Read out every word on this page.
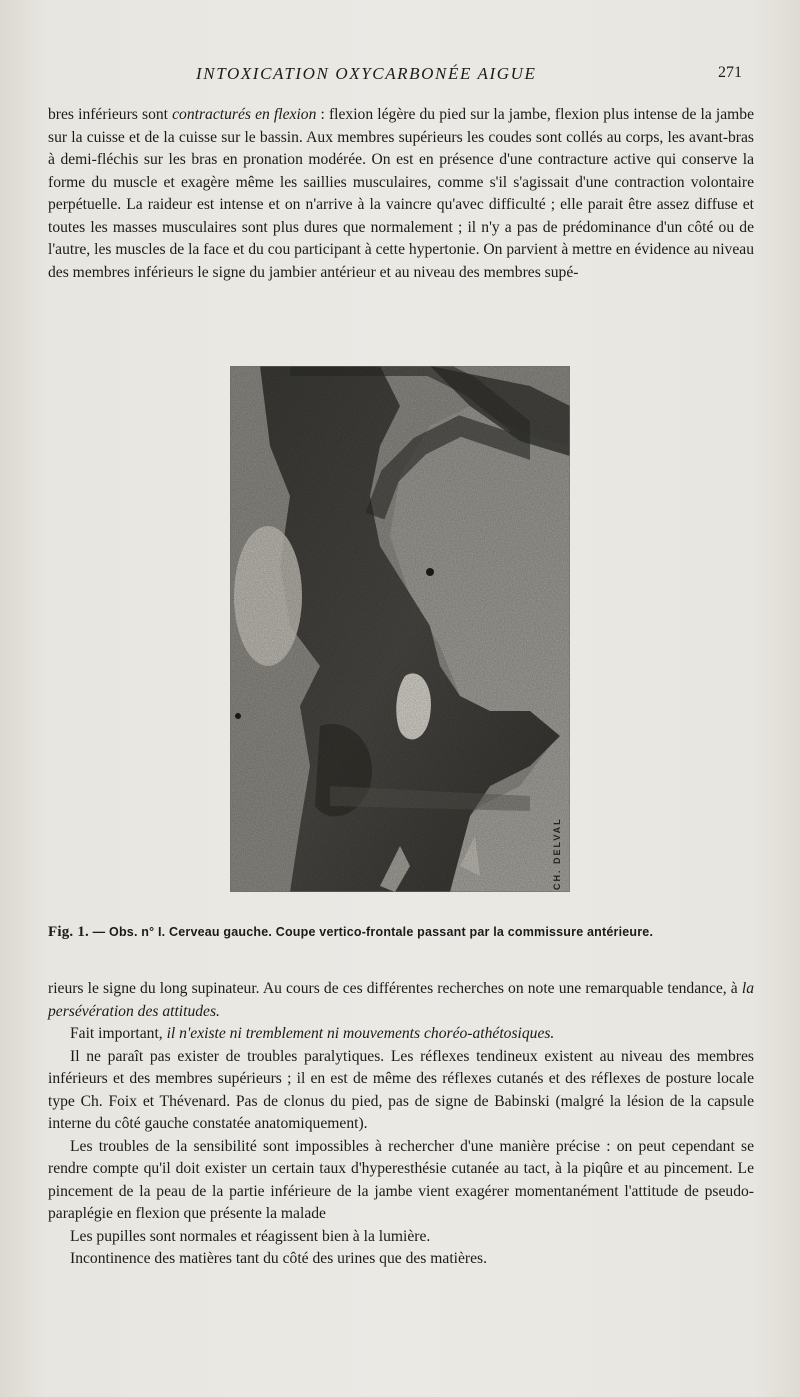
INTOXICATION OXYCARBONÉE AIGUE	271

bres inférieurs sont contracturés en flexion : flexion légère du pied sur la jambe, flexion plus intense de la jambe sur la cuisse et de la cuisse sur le bassin. Aux membres supérieurs les coudes sont collés au corps, les avant-bras à demi-fléchis sur les bras en pronation modérée. On est en présence d'une contracture active qui conserve la forme du muscle et exagère même les saillies musculaires, comme s'il s'agissait d'une contraction volontaire perpétuelle. La raideur est intense et on n'arrive à la vaincre qu'avec difficulté ; elle parait être assez diffuse et toutes les masses musculaires sont plus dures que normalement ; il n'y a pas de prédominance d'un côté ou de l'autre, les muscles de la face et du cou participant à cette hypertonie. On parvient à mettre en évidence au niveau des membres inférieurs le signe du jambier antérieur et au niveau des membres supé-

CH. DELVAL
Fig. 1. — Obs. n° I. Cerveau gauche. Coupe vertico-frontale passant par la commissure antérieure.

rieurs le signe du long supinateur. Au cours de ces différentes recherches on note une remarquable tendance, à la persévération des attitudes.

Fait important, il n'existe ni tremblement ni mouvements choréo-athétosiques.

Il ne paraît pas exister de troubles paralytiques. Les réflexes tendineux existent au niveau des membres inférieurs et des membres supérieurs ; il en est de même des réflexes cutanés et des réflexes de posture locale type Ch. Foix et Thévenard. Pas de clonus du pied, pas de signe de Babinski (malgré la lésion de la capsule interne du côté gauche constatée anatomiquement).

Les troubles de la sensibilité sont impossibles à rechercher d'une manière précise : on peut cependant se rendre compte qu'il doit exister un certain taux d'hyperesthésie cutanée au tact, à la piqûre et au pincement. Le pincement de la peau de la partie inférieure de la jambe vient exagérer momentanément l'attitude de pseudo-paraplégie en flexion que présente la malade

Les pupilles sont normales et réagissent bien à la lumière.

Incontinence des matières tant du côté des urines que des matières.
